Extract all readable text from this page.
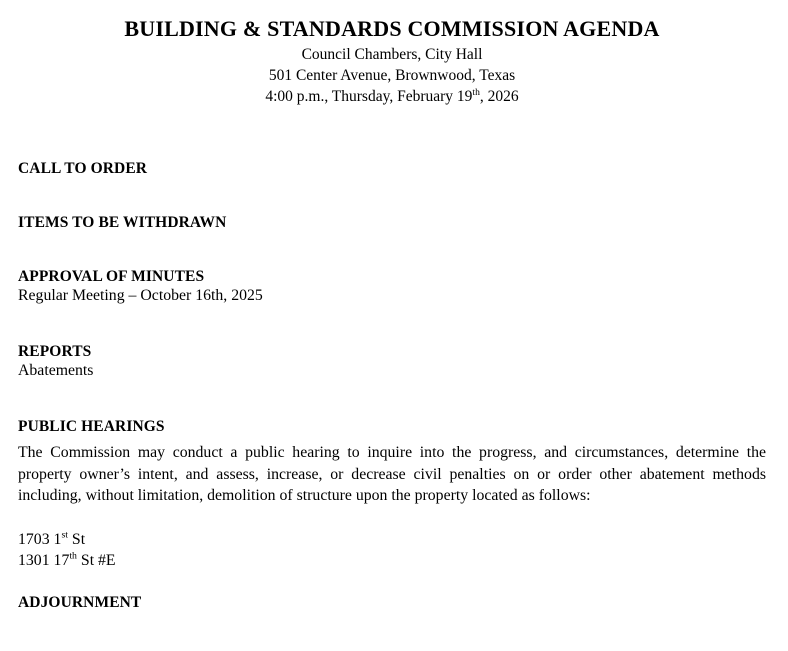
BUILDING & STANDARDS COMMISSION AGENDA
Council Chambers, City Hall
501 Center Avenue, Brownwood, Texas
4:00 p.m., Thursday, February 19th, 2026
CALL TO ORDER
ITEMS TO BE WITHDRAWN
APPROVAL OF MINUTES
Regular Meeting – October 16th, 2025
REPORTS
Abatements
PUBLIC HEARINGS
The Commission may conduct a public hearing to inquire into the progress, and circumstances, determine the property owner’s intent, and assess, increase, or decrease civil penalties on or order other abatement methods including, without limitation, demolition of structure upon the property located as follows:
1703 1st St
1301 17th St #E
ADJOURNMENT
